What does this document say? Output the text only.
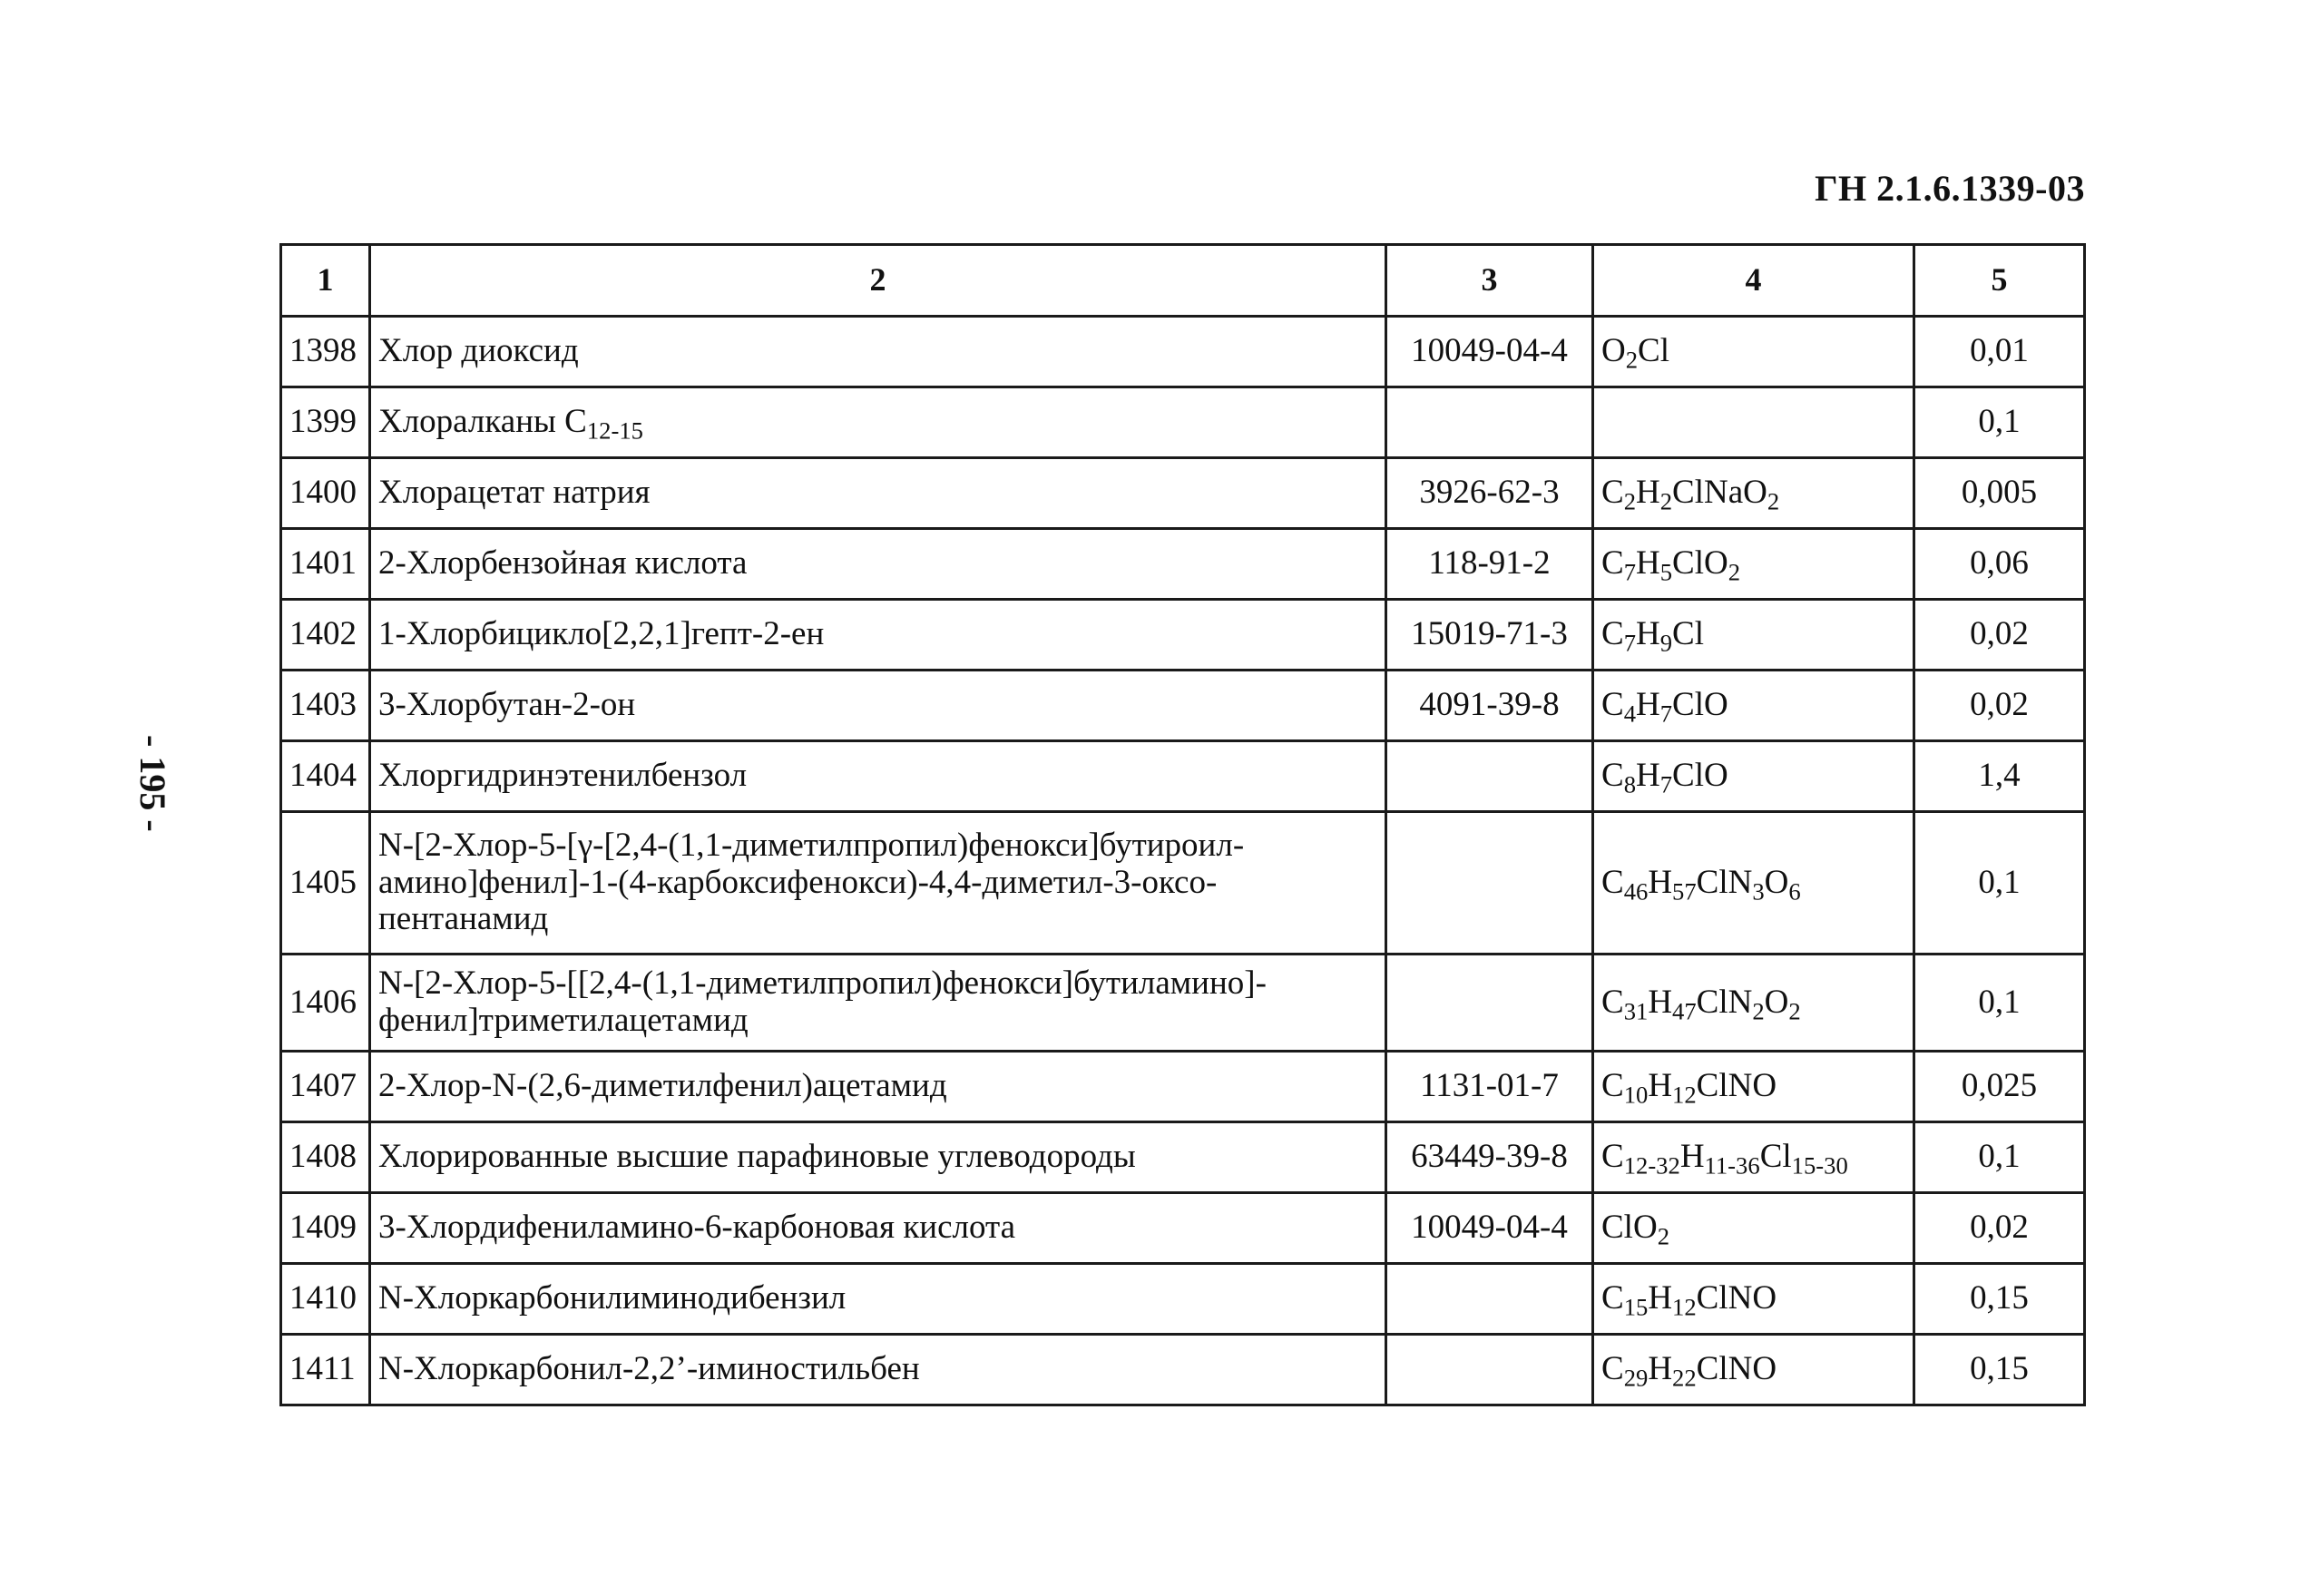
ГН 2.1.6.1339-03
- 195 -
1	2	3	4	5
1398	Хлор диоксид	10049-04-4	$O_2Cl$	0,01
1399	Хлоралканы $C_{12-15}$			0,1
1400	Хлорацетат натрия	3926-62-3	$C_2H_2ClNaO_2$	0,005
1401	2-Хлорбензойная кислота	118-91-2	$C_7H_5ClO_2$	0,06
1402	1-Хлорбицикло[2,2,1]гепт-2-ен	15019-71-3	$C_7H_9Cl$	0,02
1403	3-Хлорбутан-2-он	4091-39-8	$C_4H_7ClO$	0,02
1404	Хлоргидринэтенилбензол		$C_8H_7ClO$	1,4
1405	N-[2-Хлор-5-[γ-[2,4-(1,1-диметилпропил)фенокси]бутироил-амино]фенил]-1-(4-карбоксифенокси)-4,4-диметил-3-оксо-пентанамид		$C_{46}H_{57}ClN_3O_6$	0,1
1406	N-[2-Хлор-5-[[2,4-(1,1-диметилпропил)фенокси]бутиламино]-фенил]триметилацетамид		$C_{31}H_{47}ClN_2O_2$	0,1
1407	2-Хлор-N-(2,6-диметилфенил)ацетамид	1131-01-7	$C_{10}H_{12}ClNO$	0,025
1408	Хлорированные высшие парафиновые углеводороды	63449-39-8	$C_{12-32}H_{11-36}Cl_{15-30}$	0,1
1409	3-Хлордифениламино-6-карбоновая кислота	10049-04-4	ClO$_2$	0,02
1410	N-Хлоркарбонилиминодибензил		$C_{15}H_{12}ClNO$	0,15
1411	N-Хлоркарбонил-2,2’-иминостильбен		$C_{29}H_{22}ClNO$	0,15
